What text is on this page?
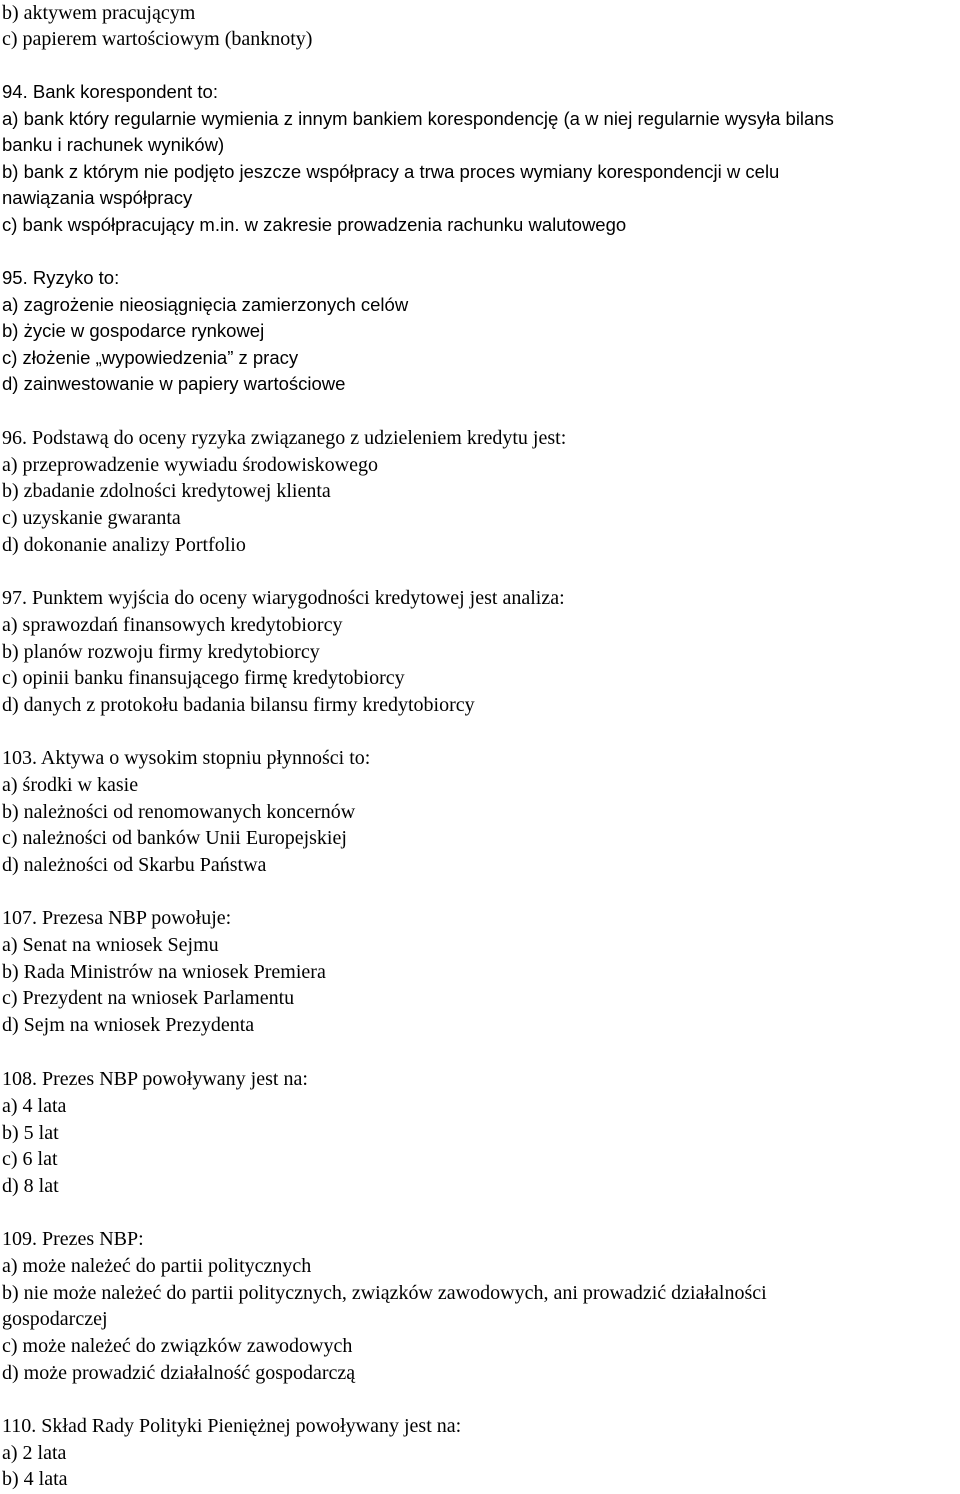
b) aktywem pracującym
c) papierem wartościowym (banknoty)
94. Bank korespondent to:
a) bank który regularnie wymienia z innym bankiem korespondencję (a w niej regularnie wysyła bilans
banku i rachunek wyników)
b) bank z którym nie podjęto jeszcze współpracy a trwa proces wymiany korespondencji w celu
nawiązania współpracy
c) bank współpracujący m.in. w zakresie prowadzenia rachunku walutowego
95. Ryzyko to:
a) zagrożenie nieosiągnięcia zamierzonych celów
b) życie w gospodarce rynkowej
c) złożenie „wypowiedzenia” z pracy
d) zainwestowanie w papiery wartościowe
96. Podstawą do oceny ryzyka związanego z udzieleniem kredytu jest:
a) przeprowadzenie wywiadu środowiskowego
b) zbadanie zdolności kredytowej klienta
c) uzyskanie gwaranta
d) dokonanie analizy Portfolio
97. Punktem wyjścia do oceny wiarygodności kredytowej jest analiza:
a) sprawozdań finansowych kredytobiorcy
b) planów rozwoju firmy kredytobiorcy
c) opinii banku finansującego firmę kredytobiorcy
d) danych z protokołu badania bilansu firmy kredytobiorcy
103. Aktywa o wysokim stopniu płynności to:
a) środki w kasie
b) należności od renomowanych koncernów
c) należności od banków Unii Europejskiej
d) należności od Skarbu Państwa
107. Prezesa NBP powołuje:
a) Senat na wniosek Sejmu
b) Rada Ministrów na wniosek Premiera
c) Prezydent na wniosek Parlamentu
d) Sejm na wniosek Prezydenta
108. Prezes NBP powoływany jest na:
a) 4 lata
b) 5 lat
c) 6 lat
d) 8 lat
109. Prezes NBP:
a) może należeć do partii politycznych
b) nie może należeć do partii politycznych, związków zawodowych, ani prowadzić działalności
gospodarczej
c) może należeć do związków zawodowych
d) może prowadzić działalność gospodarczą
110. Skład Rady Polityki Pieniężnej powoływany jest na:
a) 2 lata
b) 4 lata
